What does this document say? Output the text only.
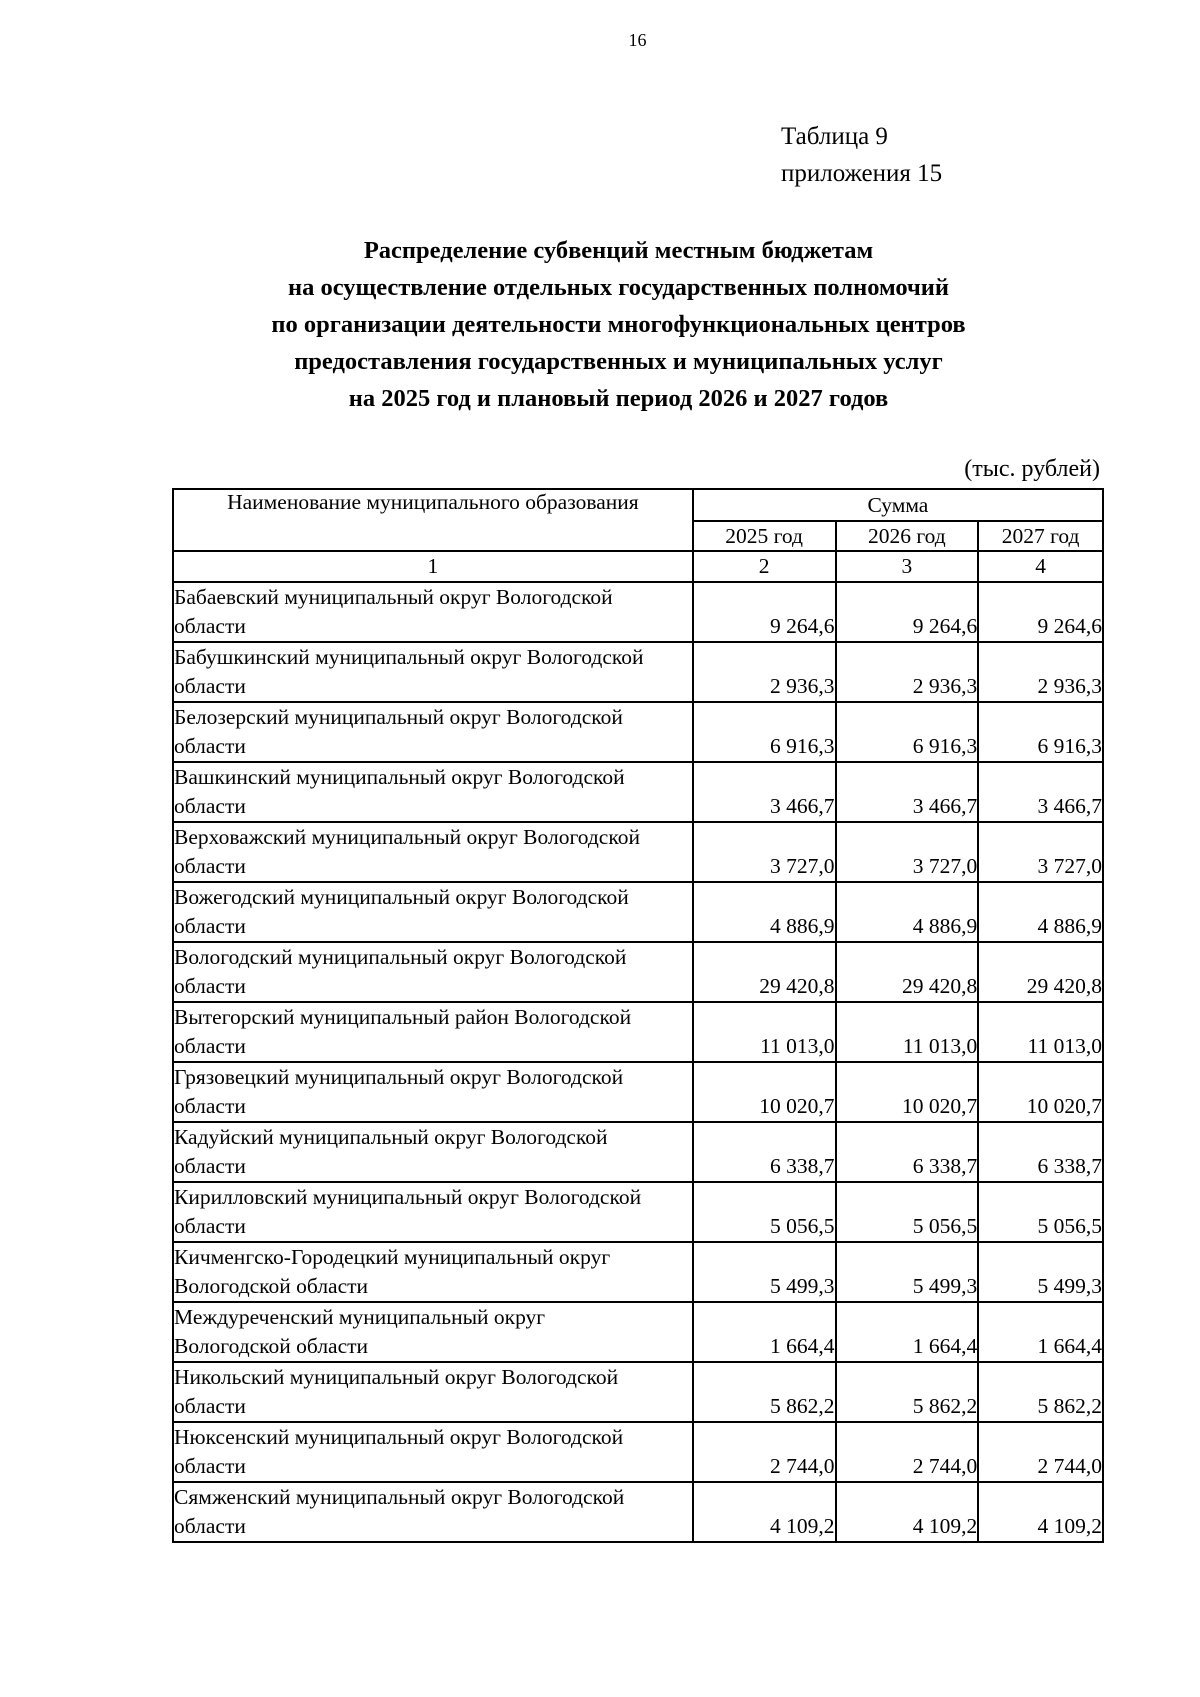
16
Таблица 9
приложения 15
Распределение субвенций местным бюджетам
на осуществление отдельных государственных полномочий
по организации деятельности многофункциональных центров
предоставления государственных и муниципальных услуг
на 2025 год и плановый период 2026 и 2027 годов
(тыс. рублей)
Наименование муниципального образования	Сумма		
	2025 год	2026 год	2027 год
1	2	3	4

Бабаевский муниципальный округ Вологодской
области	9 264,6	9 264,6	9 264,6

Бабушкинский муниципальный округ Вологодской
области	2 936,3	2 936,3	2 936,3

Белозерский муниципальный округ Вологодской
области	6 916,3	6 916,3	6 916,3

Вашкинский муниципальный округ Вологодской
области	3 466,7	3 466,7	3 466,7

Верховажский муниципальный округ Вологодской
области	3 727,0	3 727,0	3 727,0

Вожегодский муниципальный округ Вологодской
области	4 886,9	4 886,9	4 886,9

Вологодский муниципальный округ Вологодской
области	29 420,8	29 420,8	29 420,8

Вытегорский муниципальный район Вологодской
области	11 013,0	11 013,0	11 013,0

Грязовецкий муниципальный округ Вологодской
области	10 020,7	10 020,7	10 020,7

Кадуйский муниципальный округ Вологодской
области	6 338,7	6 338,7	6 338,7

Кирилловский муниципальный округ Вологодской
области	5 056,5	5 056,5	5 056,5

Кичменгско-Городецкий муниципальный округ
Вологодской области	5 499,3	5 499,3	5 499,3

Междуреченский муниципальный округ
Вологодской области	1 664,4	1 664,4	1 664,4

Никольский муниципальный округ Вологодской
области	5 862,2	5 862,2	5 862,2

Нюксенский муниципальный округ Вологодской
области	2 744,0	2 744,0	2 744,0

Сямженский муниципальный округ Вологодской
области	4 109,2	4 109,2	4 109,2
